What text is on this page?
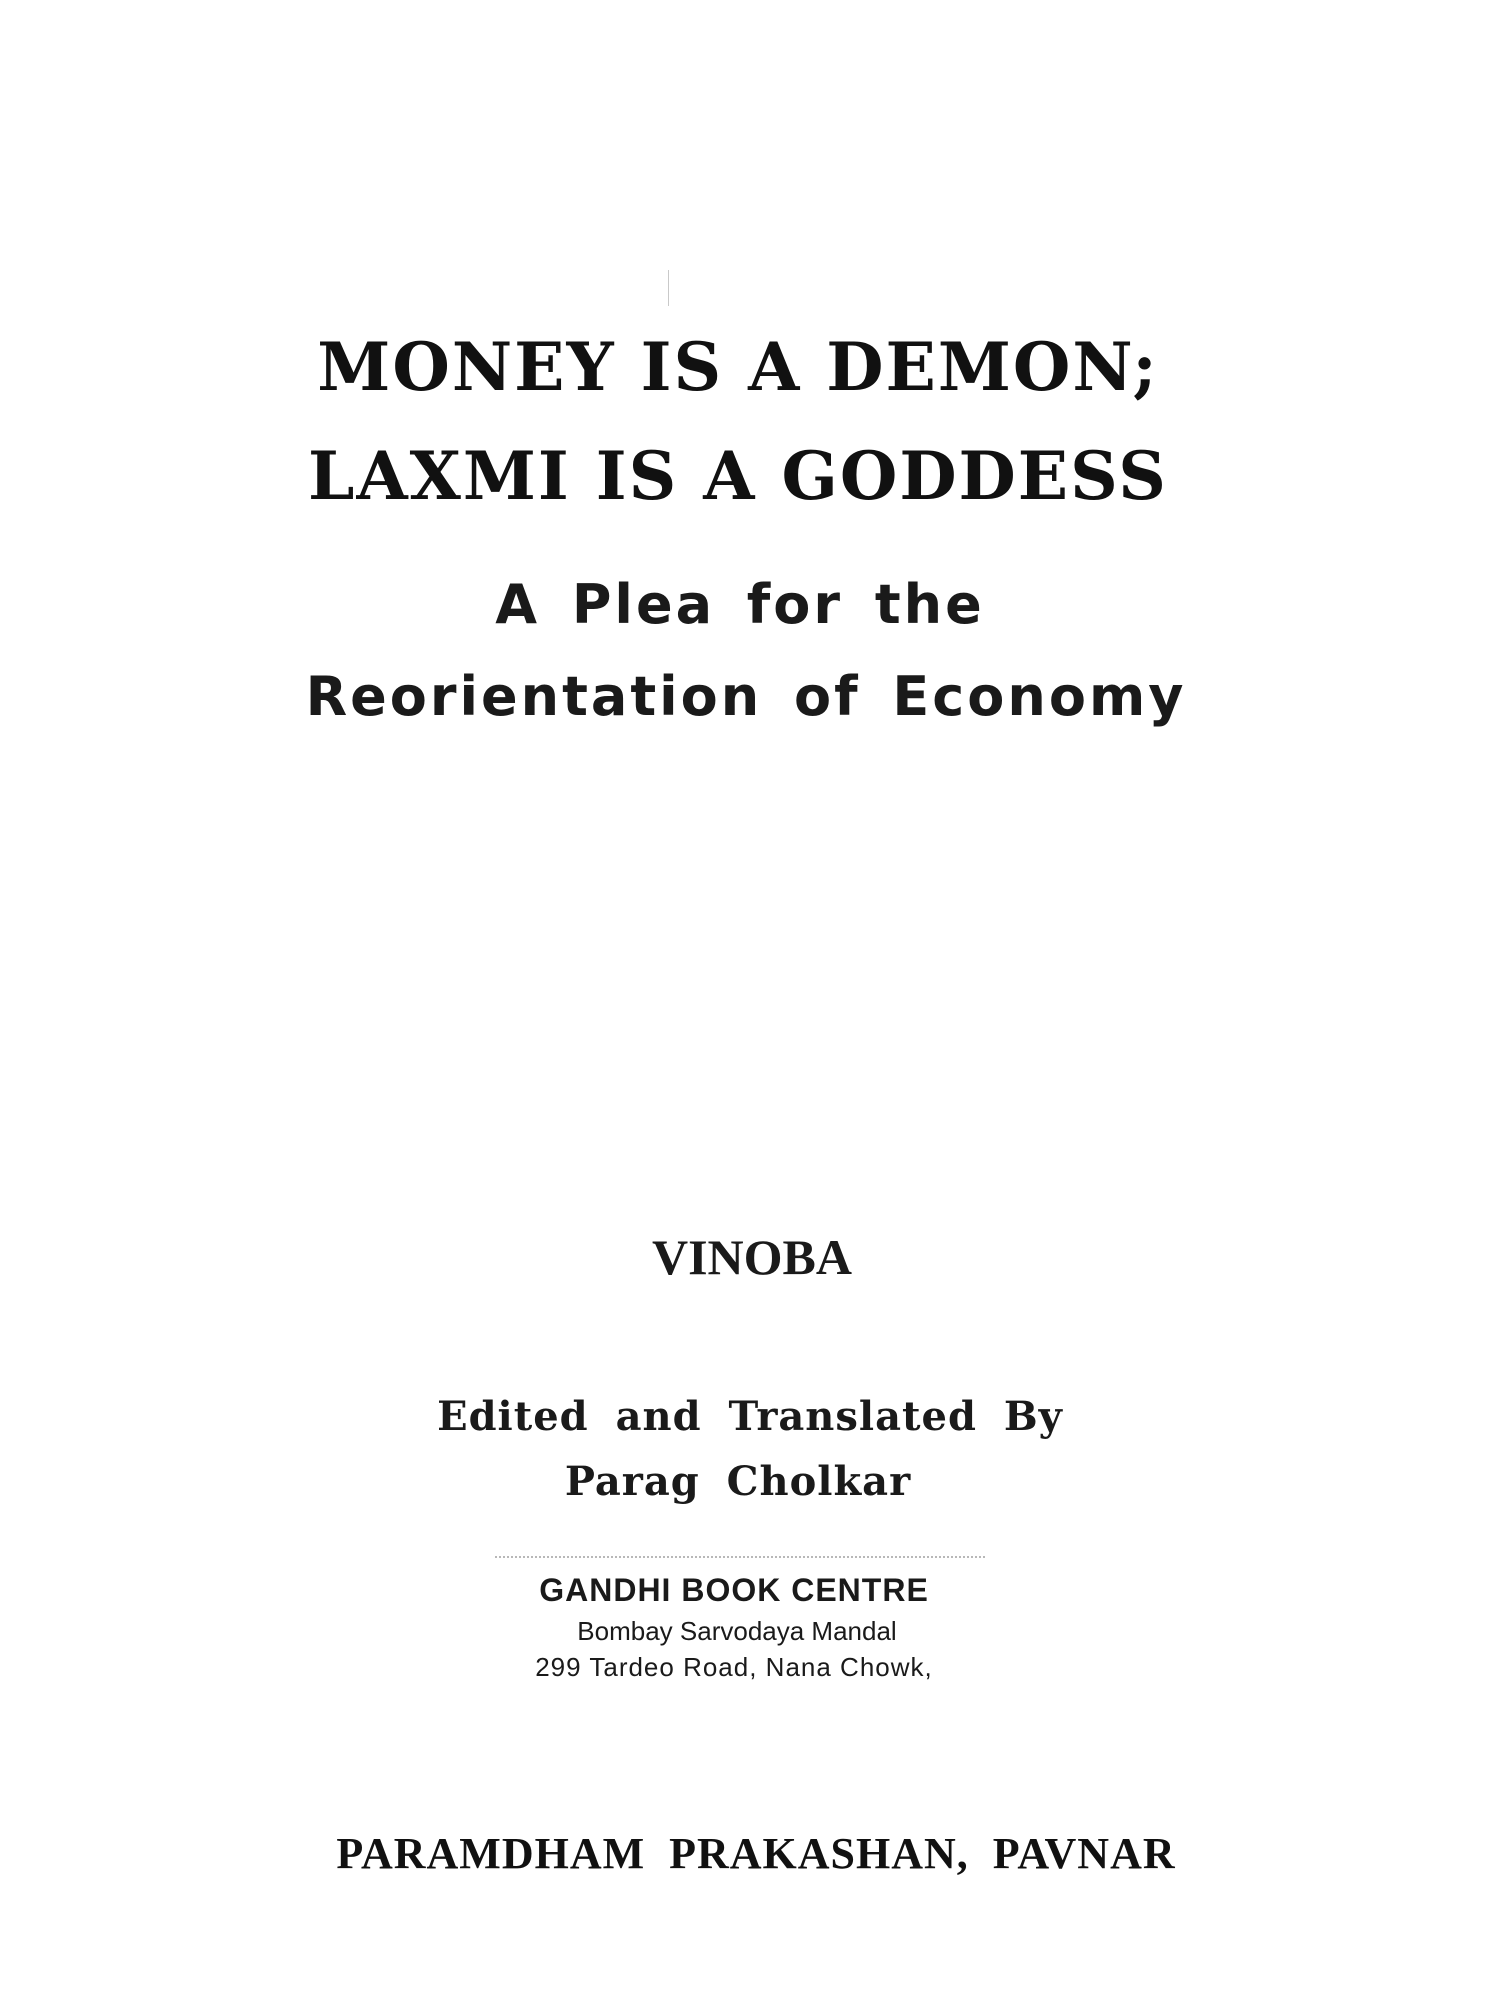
MONEY IS A DEMON;
LAXMI IS A GODDESS
A Plea for the
Reorientation of Economy
VINOBA
Edited and Translated By
Parag Cholkar
GANDHI BOOK CENTRE
Bombay Sarvodaya Mandal
299 Tardeo Road, Nana Chowk,
PARAMDHAM PRAKASHAN, PAVNAR
